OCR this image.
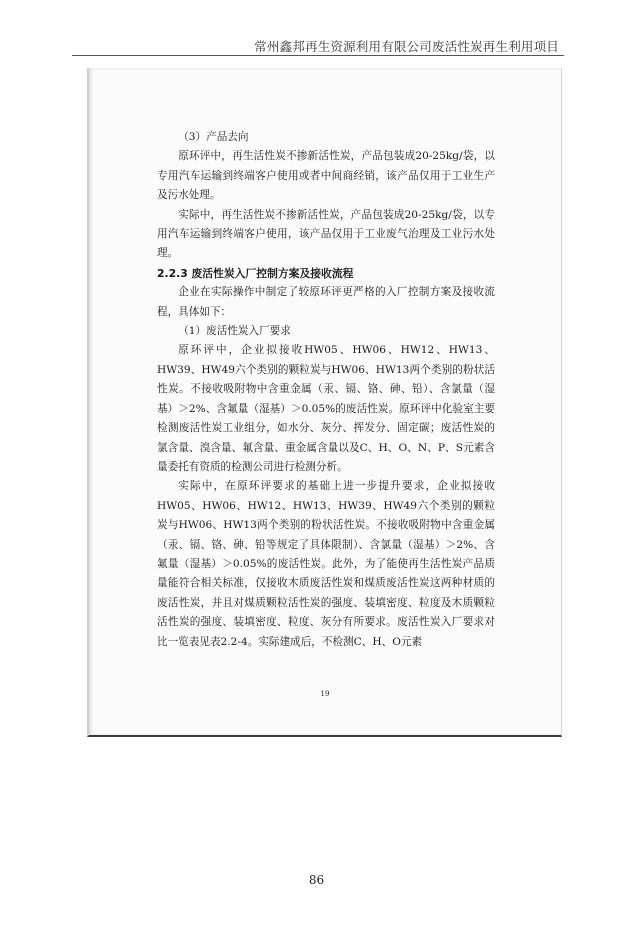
常州鑫邦再生资源利用有限公司废活性炭再生利用项目

（3）产品去向

原环评中，再生活性炭不掺新活性炭，产品包装成20-25kg/袋，以专用汽车运输到终端客户使用或者中间商经销，该产品仅用于工业生产及污水处理。

实际中，再生活性炭不掺新活性炭，产品包装成20-25kg/袋，以专用汽车运输到终端客户使用，该产品仅用于工业废气治理及工业污水处理。

2.2.3 废活性炭入厂控制方案及接收流程

企业在实际操作中制定了较原环评更严格的入厂控制方案及接收流程，具体如下：

（1）废活性炭入厂要求

原环评中，企业拟接收HW05、HW06、HW12、HW13、HW39、HW49六个类别的颗粒炭与HW06、HW13两个类别的粉状活性炭。不接收吸附物中含重金属（汞、镉、铬、砷、铅）、含氯量（湿基）＞2%、含氟量（湿基）＞0.05%的废活性炭。原环评中化验室主要检测废活性炭工业组分，如水分、灰分、挥发分、固定碳；废活性炭的氯含量、溴含量、氟含量、重金属含量以及C、H、O、N、P、S元素含量委托有资质的检测公司进行检测分析。

实际中，在原环评要求的基础上进一步提升要求，企业拟接收HW05、HW06、HW12、HW13、HW39、HW49六个类别的颗粒炭与HW06、HW13两个类别的粉状活性炭。不接收吸附物中含重金属（汞、镉、铬、砷、铅等规定了具体限制）、含氯量（湿基）＞2%、含氟量（湿基）＞0.05%的废活性炭。此外，为了能使再生活性炭产品质量能符合相关标准，仅接收木质废活性炭和煤质废活性炭这两种材质的废活性炭，并且对煤质颗粒活性炭的强度、装填密度、粒度及木质颗粒活性炭的强度、装填密度、粒度、灰分有所要求。废活性炭入厂要求对比一览表见表2.2-4。实际建成后，不检测C、H、O元素

19
86
